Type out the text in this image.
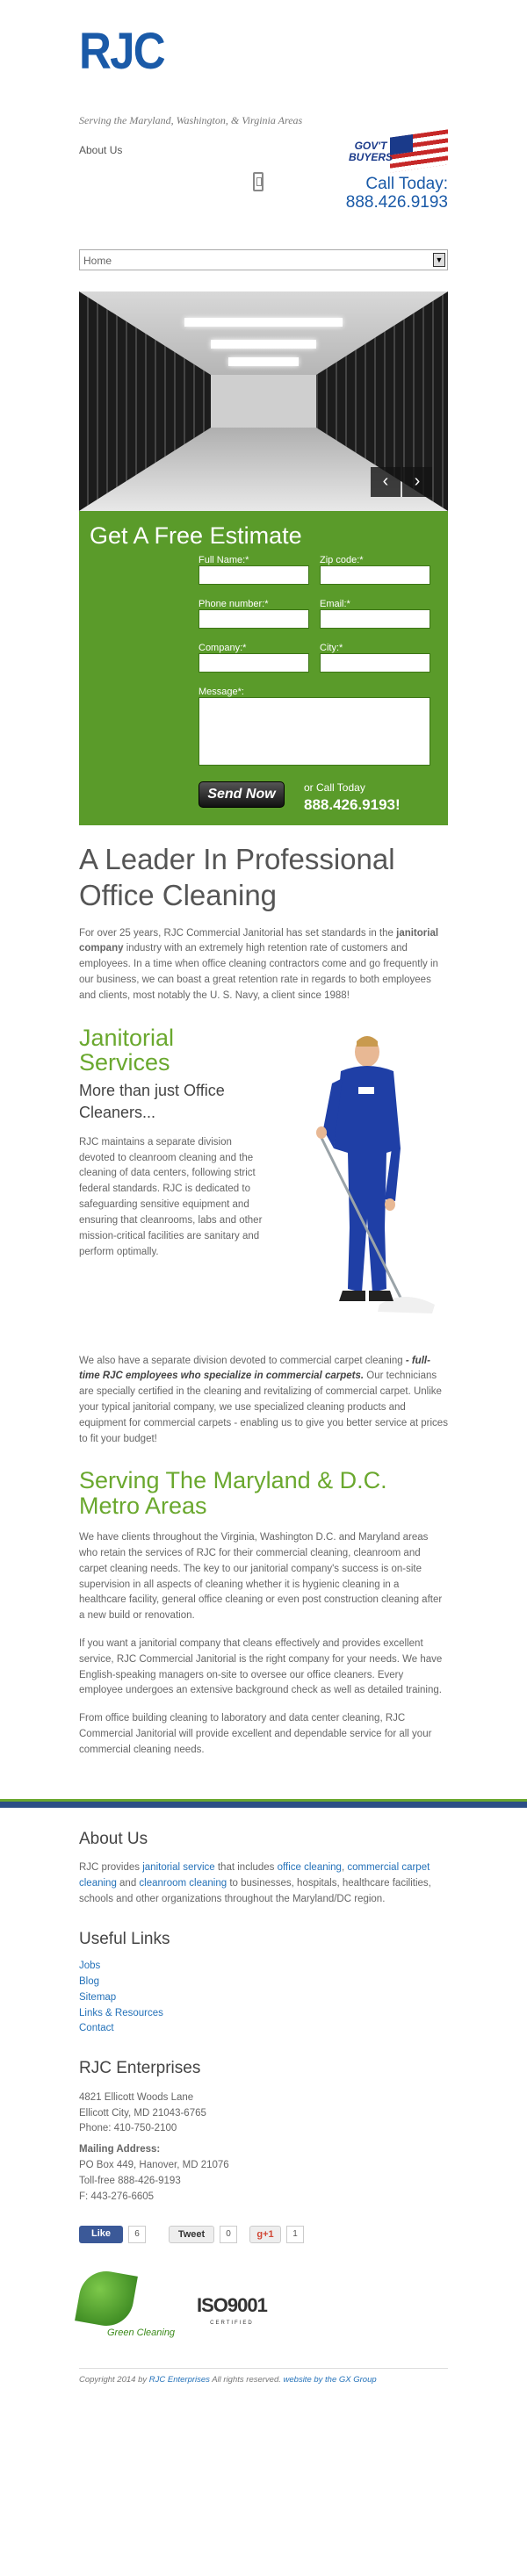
RJC
Serving the Maryland, Washington, & Virginia Areas
About Us	GOV'T BUYERS
Call Today:
888.426.9193
Home	▼
‹	›
Get A Free Estimate
Full Name:*	Zip code:*
Phone number:*	Email:*
Company:*	City:*
Message*:
Send Now	or Call Today
888.426.9193!
A Leader In Professional Office Cleaning

For over 25 years, RJC Commercial Janitorial has set standards in the janitorial company industry with an extremely high retention rate of customers and employees. In a time when office cleaning contractors come and go frequently in our business, we can boast a great retention rate in regards to both employees and clients, most notably the U. S. Navy, a client since 1988!

Janitorial Services
More than just Office Cleaners...

RJC maintains a separate division devoted to cleanroom cleaning and the cleaning of data centers, following strict federal standards. RJC is dedicated to safeguarding sensitive equipment and ensuring that cleanrooms, labs and other mission-critical facilities are sanitary and perform optimally.

We also have a separate division devoted to commercial carpet cleaning - full-time RJC employees who specialize in commercial carpets. Our technicians are specially certified in the cleaning and revitalizing of commercial carpet. Unlike your typical janitorial company, we use specialized cleaning products and equipment for commercial carpets - enabling us to give you better service at prices to fit your budget!

Serving The Maryland & D.C. Metro Areas

We have clients throughout the Virginia, Washington D.C. and Maryland areas who retain the services of RJC for their commercial cleaning, cleanroom and carpet cleaning needs. The key to our janitorial company's success is on-site supervision in all aspects of cleaning whether it is hygienic cleaning in a healthcare facility, general office cleaning or even post construction cleaning after a new build or renovation.

If you want a janitorial company that cleans effectively and provides excellent service, RJC Commercial Janitorial is the right company for your needs. We have English-speaking managers on-site to oversee our office cleaners. Every employee undergoes an extensive background check as well as detailed training.

From office building cleaning to laboratory and data center cleaning, RJC Commercial Janitorial will provide excellent and dependable service for all your commercial cleaning needs.

About Us

RJC provides janitorial service that includes office cleaning, commercial carpet cleaning and cleanroom cleaning to businesses, hospitals, healthcare facilities, schools and other organizations throughout the Maryland/DC region.

Useful Links
Jobs
Blog
Sitemap
Links & Resources
Contact
RJC Enterprises
4821 Ellicott Woods Lane
Ellicott City, MD 21043-6765
Phone: 410-750-2100
Mailing Address:
PO Box 449, Hanover, MD 21076
Toll-free 888-426-9193
F: 443-276-6605
Like	6	Tweet	0	g+1	1
Green Cleaning
ISO9001
CERTIFIED
Copyright 2014 by RJC Enterprises All rights reserved. website by the GX Group
